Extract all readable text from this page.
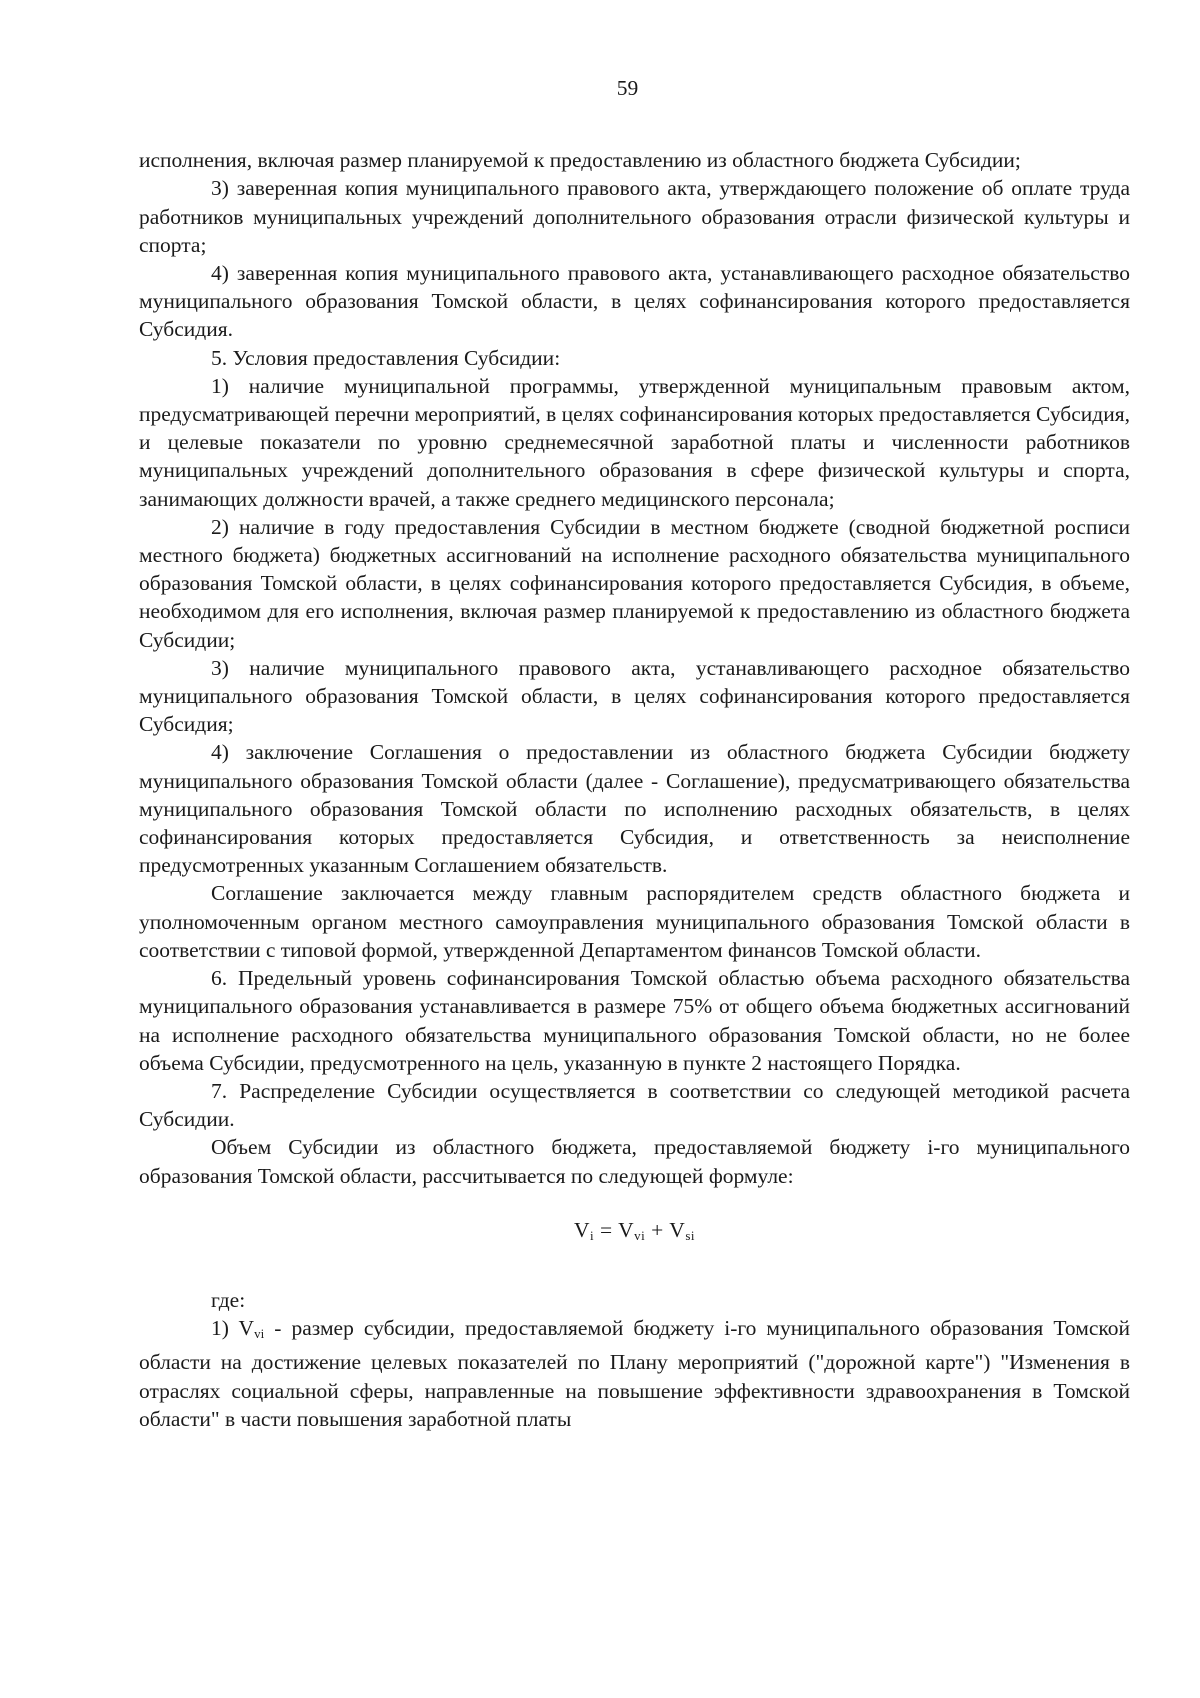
59

исполнения, включая размер планируемой к предоставлению из областного бюджета Субсидии;

3) заверенная копия муниципального правового акта, утверждающего положение об оплате труда работников муниципальных учреждений дополнительного образования отрасли физической культуры и спорта;

4) заверенная копия муниципального правового акта, устанавливающего расходное обязательство муниципального образования Томской области, в целях софинансирования которого предоставляется Субсидия.

5. Условия предоставления Субсидии:

1) наличие муниципальной программы, утвержденной муниципальным правовым актом, предусматривающей перечни мероприятий, в целях софинансирования которых предоставляется Субсидия, и целевые показатели по уровню среднемесячной заработной платы и численности работников муниципальных учреждений дополнительного образования в сфере физической культуры и спорта, занимающих должности врачей, а также среднего медицинского персонала;

2) наличие в году предоставления Субсидии в местном бюджете (сводной бюджетной росписи местного бюджета) бюджетных ассигнований на исполнение расходного обязательства муниципального образования Томской области, в целях софинансирования которого предоставляется Субсидия, в объеме, необходимом для его исполнения, включая размер планируемой к предоставлению из областного бюджета Субсидии;

3) наличие муниципального правового акта, устанавливающего расходное обязательство муниципального образования Томской области, в целях софинансирования которого предоставляется Субсидия;

4) заключение Соглашения о предоставлении из областного бюджета Субсидии бюджету муниципального образования Томской области (далее - Соглашение), предусматривающего обязательства муниципального образования Томской области по исполнению расходных обязательств, в целях софинансирования которых предоставляется Субсидия, и ответственность за неисполнение предусмотренных указанным Соглашением обязательств.

Соглашение заключается между главным распорядителем средств областного бюджета и уполномоченным органом местного самоуправления муниципального образования Томской области в соответствии с типовой формой, утвержденной Департаментом финансов Томской области.

6. Предельный уровень софинансирования Томской областью объема расходного обязательства муниципального образования устанавливается в размере 75% от общего объема бюджетных ассигнований на исполнение расходного обязательства муниципального образования Томской области, но не более объема Субсидии, предусмотренного на цель, указанную в пункте 2 настоящего Порядка.

7. Распределение Субсидии осуществляется в соответствии со следующей методикой расчета Субсидии.

Объем Субсидии из областного бюджета, предоставляемой бюджету i-го муниципального образования Томской области, рассчитывается по следующей формуле:

$V_i = V_{vi} + V_{si}$

где:

1) Vvi - размер субсидии, предоставляемой бюджету i-го муниципального образования Томской области на достижение целевых показателей по Плану мероприятий ("дорожной карте") "Изменения в отраслях социальной сферы, направленные на повышение эффективности здравоохранения в Томской области" в части повышения заработной платы
